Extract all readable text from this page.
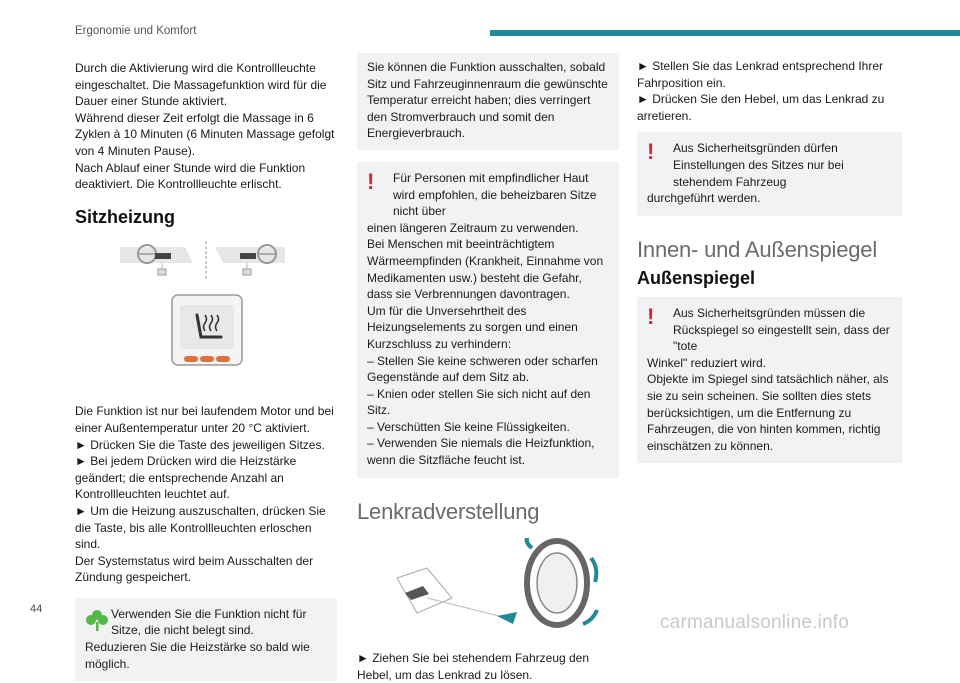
Ergonomie und Komfort

Durch die Aktivierung wird die Kontrollleuchte eingeschaltet. Die Massagefunktion wird für die Dauer einer Stunde aktiviert.

Während dieser Zeit erfolgt die Massage in 6 Zyklen à 10 Minuten (6 Minuten Massage gefolgt von 4 Minuten Pause).

Nach Ablauf einer Stunde wird die Funktion deaktiviert. Die Kontrollleuchte erlischt.

Sitzheizung

Die Funktion ist nur bei laufendem Motor und bei einer Außentemperatur unter 20 °C aktiviert.

► Drücken Sie die Taste des jeweiligen Sitzes.

► Bei jedem Drücken wird die Heizstärke geändert; die entsprechende Anzahl an Kontrollleuchten leuchtet auf.

► Um die Heizung auszuschalten, drücken Sie die Taste, bis alle Kontrollleuchten erloschen sind.

Der Systemstatus wird beim Ausschalten der Zündung gespeichert.

Verwenden Sie die Funktion nicht für Sitze, die nicht belegt sind.

Reduzieren Sie die Heizstärke so bald wie möglich.

Sie können die Funktion ausschalten, sobald Sitz und Fahrzeuginnenraum die gewünschte Temperatur erreicht haben; dies verringert den Stromverbrauch und somit den Energieverbrauch.

!	Für Personen mit empfindlicher Haut wird empfohlen, die beheizbaren Sitze nicht über

einen längeren Zeitraum zu verwenden.

Bei Menschen mit beeinträchtigtem Wärmeempfinden (Krankheit, Einnahme von Medikamenten usw.) besteht die Gefahr, dass sie Verbrennungen davontragen.

Um für die Unversehrtheit des Heizungselements zu sorgen und einen Kurzschluss zu verhindern:

– Stellen Sie keine schweren oder scharfen Gegenstände auf dem Sitz ab.

– Knien oder stellen Sie sich nicht auf den Sitz.

– Verschütten Sie keine Flüssigkeiten.

– Verwenden Sie niemals die Heizfunktion, wenn die Sitzfläche feucht ist.

Lenkradverstellung

► Ziehen Sie bei stehendem Fahrzeug den Hebel, um das Lenkrad zu lösen.

► Stellen Sie das Lenkrad entsprechend Ihrer Fahrposition ein.

► Drücken Sie den Hebel, um das Lenkrad zu arretieren.

!	Aus Sicherheitsgründen dürfen Einstellungen des Sitzes nur bei stehendem Fahrzeug

durchgeführt werden.

Innen- und Außenspiegel
Außenspiegel
!	Aus Sicherheitsgründen müssen die Rückspiegel so eingestellt sein, dass der "tote

Winkel" reduziert wird.

Objekte im Spiegel sind tatsächlich näher, als sie zu sein scheinen. Sie sollten dies stets berücksichtigen, um die Entfernung zu Fahrzeugen, die von hinten kommen, richtig einschätzen zu können.

44
carmanualsonline.info
